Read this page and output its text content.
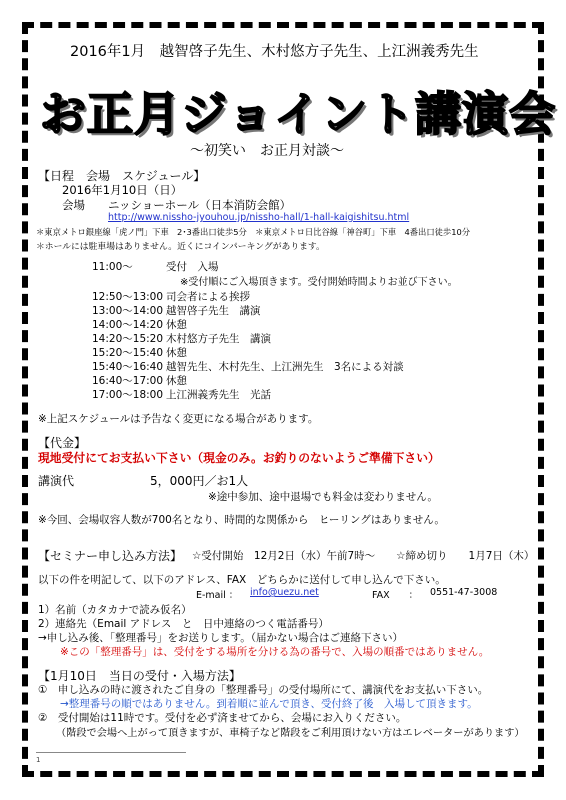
2016年1月　越智啓子先生、木村悠方子先生、上江洲義秀先生
お正月ジョイント講演会
～初笑い　お正月対談～
【日程　会場　スケジュール】
2016年1月10日（日）
会場　　ニッショーホール（日本消防会館）
http://www.nissho-jyouhou.jp/nissho-hall/1-hall-kaigishitsu.html
＊東京メトロ銀座線「虎ノ門」下車　2･3番出口徒歩5分　＊東京メトロ日比谷線「神谷町」下車　4番出口徒歩10分
＊ホールには駐車場はありません。近くにコインパーキングがあります。
11:00～	受付　入場
※受付順にご入場頂きます。受付開始時間よりお並び下さい。
12:50～13:00 司会者による挨拶
13:00～14:00 越智啓子先生　講演
14:00～14:20 休憩
14:20～15:20 木村悠方子先生　講演
15:20～15:40 休憩
15:40～16:40 越智先生、木村先生、上江洲先生　3名による対談
16:40～17:00 休憩
17:00～18:00 上江洲義秀先生　光話
※上記スケジュールは予告なく変更になる場合があります。
【代金】
現地受付にてお支払い下さい（現金のみ。お釣りのないようご準備下さい）
講演代	5，000円／お1人
※途中参加、途中退場でも料金は変わりません。
※今回、会場収容人数が700名となり、時間的な関係から　ヒーリングはありません。
【セミナー申し込み方法】 ☆受付開始　12月2日（水）午前7時～　　☆締め切り　　1月7日（木）
以下の件を明記して、以下のアドレス、FAX　どちらかに送付して申し込んで下さい。
E-mail ： info@uezu.net	FAX　　： 0551-47-3008
1）名前（カタカナで読み仮名）
2）連絡先（Email アドレス　と　日中連絡のつく電話番号）
→申し込み後、「整理番号」をお送りします。（届かない場合はご連絡下さい）
※この「整理番号」は、受付をする場所を分ける為の番号で、入場の順番ではありません。
【1月10日　当日の受付・入場方法】
①　申し込みの時に渡されたご自身の「整理番号」の受付場所にて、講演代をお支払い下さい。
→整理番号の順ではありません。到着順に並んで頂き、受付終了後　入場して頂きます。
②　受付開始は11時です。受付を必ず済ませてから、会場にお入りください。
（階段で会場へ上がって頂きますが、車椅子など階段をご利用頂けない方はエレベーターがあります）
1
